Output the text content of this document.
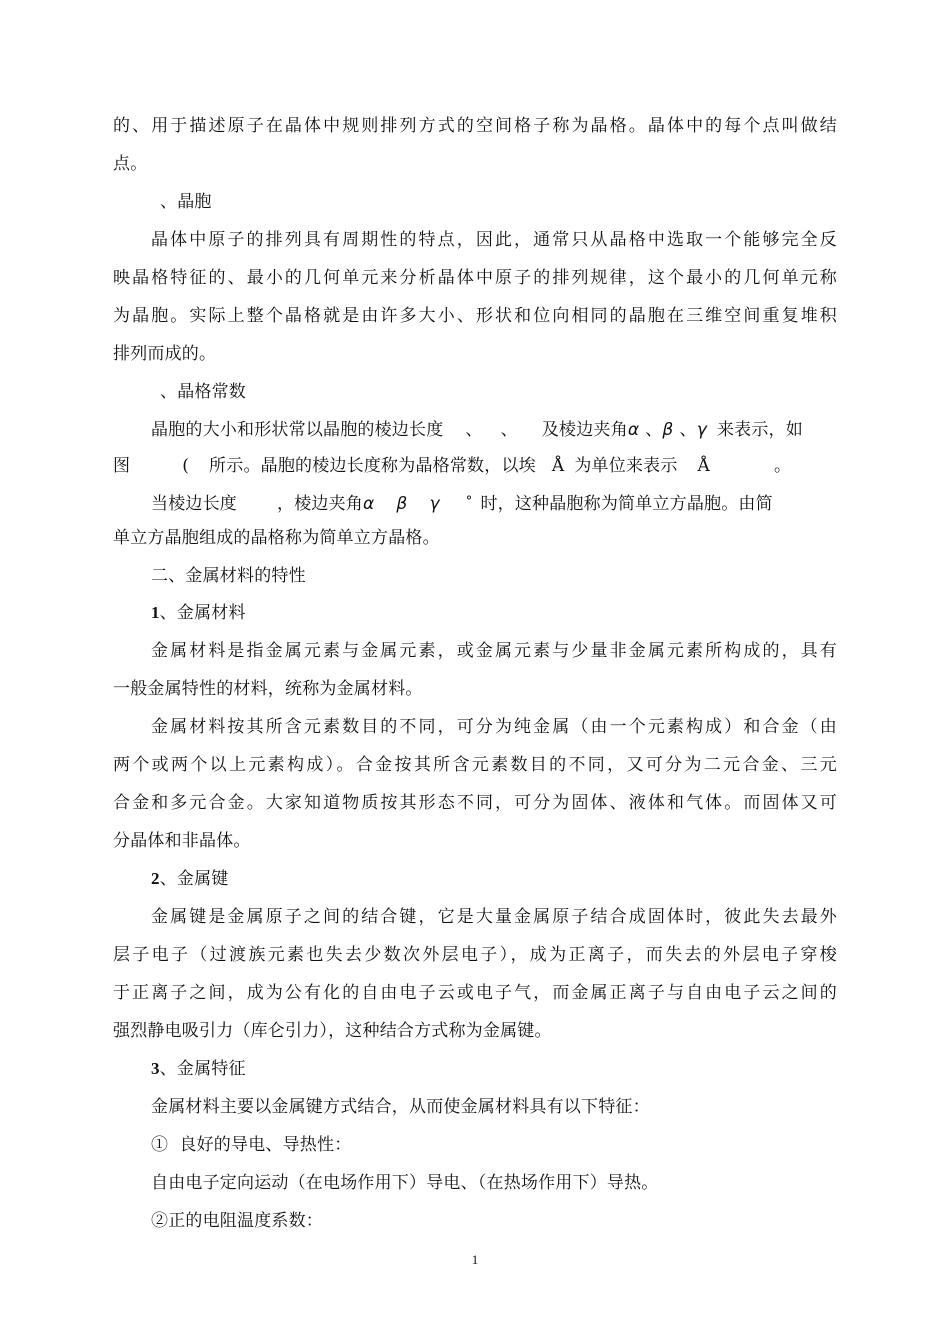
的、用于描述原子在晶体中规则排列方式的空间格子称为晶格。晶体中的每个点叫做结
点。
、晶胞
晶体中原子的排列具有周期性的特点，因此，通常只从晶格中选取一个能够完全反
映晶格特征的、最小的几何单元来分析晶体中原子的排列规律，这个最小的几何单元称
为晶胞。实际上整个晶格就是由许多大小、形状和位向相同的晶胞在三维空间重复堆积
排列而成的。
、晶格常数
晶胞的大小和形状常以晶胞的棱边长度 、 、 及棱边夹角α 、β 、γ 来表示，如
图	( 所示。晶胞的棱边长度称为晶格常数，以埃 Å 为单位来表示 Å	。
当棱边长度 ，棱边夹角α β γ ° 时，这种晶胞称为简单立方晶胞。由简
单立方晶胞组成的晶格称为简单立方晶格。
二、金属材料的特性
1、金属材料
金属材料是指金属元素与金属元素，或金属元素与少量非金属元素所构成的，具有
一般金属特性的材料，统称为金属材料。
金属材料按其所含元素数目的不同，可分为纯金属（由一个元素构成）和合金（由
两个或两个以上元素构成）。合金按其所含元素数目的不同，又可分为二元合金、三元
合金和多元合金。大家知道物质按其形态不同，可分为固体、液体和气体。而固体又可
分晶体和非晶体。
2、金属键
金属键是金属原子之间的结合键，它是大量金属原子结合成固体时，彼此失去最外
层子电子（过渡族元素也失去少数次外层电子），成为正离子，而失去的外层电子穿梭
于正离子之间，成为公有化的自由电子云或电子气，而金属正离子与自由电子云之间的
强烈静电吸引力（库仑引力），这种结合方式称为金属键。
3、金属特征
金属材料主要以金属键方式结合，从而使金属材料具有以下特征：
①  良好的导电、导热性：
自由电子定向运动（在电场作用下）导电、（在热场作用下）导热。
②正的电阻温度系数：
1
